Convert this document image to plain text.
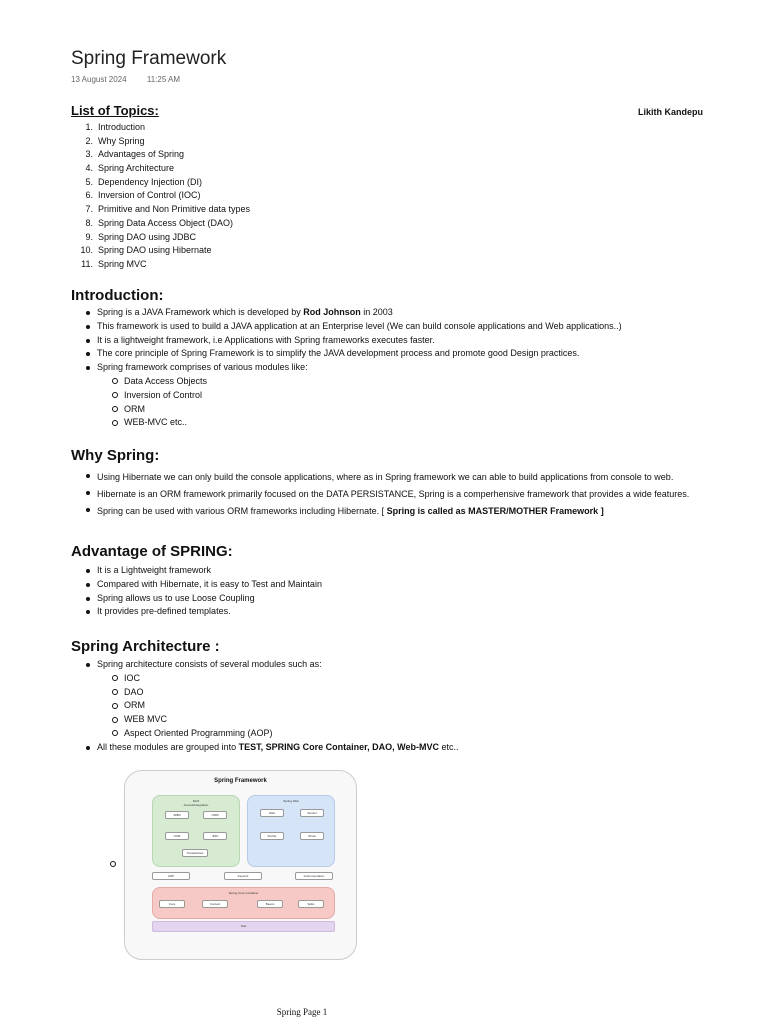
Spring Framework
13 August 2024	11:25 AM
Likith Kandepu
List of Topics:
1. Introduction
2. Why Spring
3. Advantages of Spring
4. Spring Architecture
5. Dependency Injection (DI)
6. Inversion of Control (IOC)
7. Primitive and Non Primitive data types
8. Spring Data Access Object (DAO)
9. Spring DAO using JDBC
10. Spring DAO using Hibernate
11. Spring MVC
Introduction:
Spring is a JAVA Framework which is developed by Rod Johnson in 2003
This framework is used to build a JAVA application at an Enterprise level (We can build console applications and Web applications..)
It is a lightweight framework, i.e Applications with Spring frameworks executes faster.
The core principle of Spring Framework is to simplify the JAVA development process and promote good Design practices.
Spring framework comprises of various modules like:
Data Access Objects
Inversion of Control
ORM
WEB-MVC etc..
Why Spring:
Using Hibernate we can only build the console applications, where as in Spring framework we can able to build applications from console to web.
Hibernate is an ORM framework primarily focused on the DATA PERSISTANCE, Spring is a comperhensive framework that provides a wide features.
Spring can be used with various ORM frameworks including Hibernate. [ Spring is called as MASTER/MOTHER Framework ]
Advantage of SPRING:
It is a Lightweight framework
Compared with Hibernate, it is easy to Test and Maintain
Spring allows us to use Loose Coupling
It provides pre-defined templates.
Spring Architecture :
Spring architecture consists of several modules such as:
IOC
DAO
ORM
WEB MVC
Aspect Oriented Programming (AOP)
All these modules are grouped into TEST, SPRING Core Container, DAO, Web-MVC etc..
Spring Framework
DAO
Access/Integration
JDBC	ORM
OXM	JMS
Transactions
Spring Web
Web	Servlet
Portlet	Struts
AOP	Aspects	Instrumentation
Spring Core Container
Core	Context	Beans	SpEL
Test
Spring Page 1
